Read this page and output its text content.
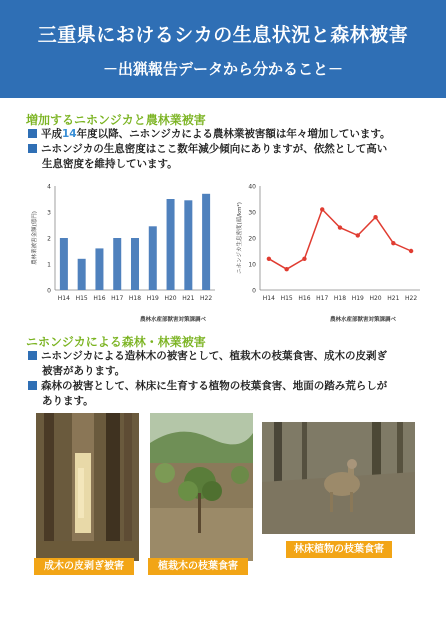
三重県におけるシカの生息状況と森林被害
－出猟報告データから分かること－
増加するニホンジカと農林業被害
平成14年度以降、ニホンジカによる農林業被害額は年々増加しています。
ニホンジカの生息密度はここ数年減少傾向にありますが、依然として高い
生息密度を維持しています。
0
1
2
3
4
農林業被害金額(億円)
H14 H15 H16 H17 H18 H19 H20 H21 H22
農林水産部獣害対策課調べ
0
10
20
30
40
ニホンジカ生息密度(頭/km²)
H14 H15 H16 H17 H18 H19 H20 H21 H22
農林水産部獣害対策課調べ
ニホンジカによる森林・林業被害
ニホンジカによる造林木の被害として、植栽木の枝葉食害、成木の皮剥ぎ
被害があります。
森林の被害として、林床に生育する植物の枝葉食害、地面の踏み荒らしが
あります。
成木の皮剥ぎ被害	植栽木の枝葉食害
林床植物の枝葉食害
